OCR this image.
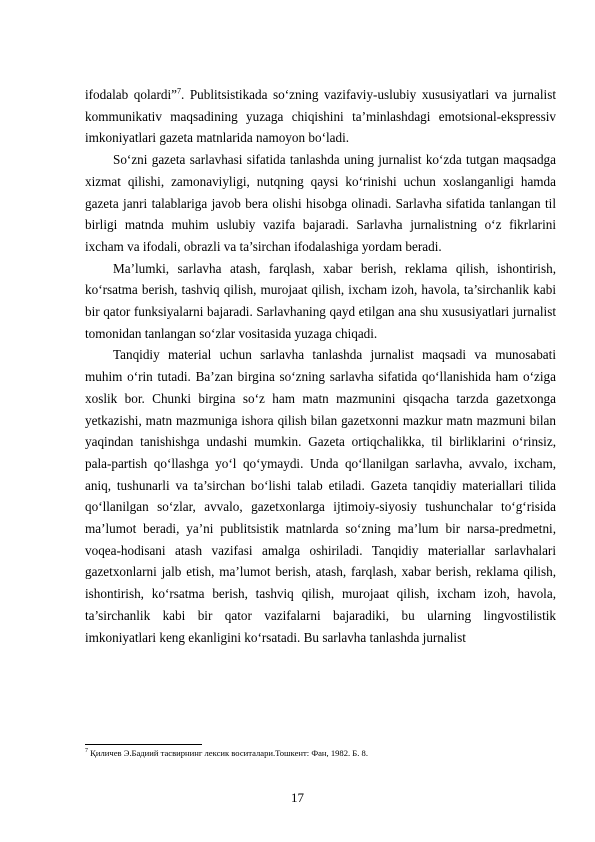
ifodalab qolardi”$^7$. Publitsistikada so‘zning vazifaviy-uslubiy xususiyatlari va jurnalist kommunikativ maqsadining yuzaga chiqishini ta’minlashdagi emotsional-ekspressiv imkoniyatlari gazeta matnlarida namoyon bo‘ladi.

So‘zni gazeta sarlavhasi sifatida tanlashda uning jurnalist ko‘zda tutgan maqsadga xizmat qilishi, zamonaviyligi, nutqning qaysi ko‘rinishi uchun xoslanganligi hamda gazeta janri talablariga javob bera olishi hisobga olinadi. Sarlavha sifatida tanlangan til birligi matnda muhim uslubiy vazifa bajaradi. Sarlavha jurnalistning o‘z fikrlarini ixcham va ifodali, obrazli va ta’sirchan ifodalashiga yordam beradi.

Ma’lumki, sarlavha atash, farqlash, xabar berish, reklama qilish, ishontirish, ko‘rsatma berish, tashviq qilish, murojaat qilish, ixcham izoh, havola, ta’sirchanlik kabi bir qator funksiyalarni bajaradi. Sarlavhaning qayd etilgan ana shu xususiyatlari jurnalist tomonidan tanlangan so‘zlar vositasida yuzaga chiqadi.

Tanqidiy material uchun sarlavha tanlashda jurnalist maqsadi va munosabati muhim o‘rin tutadi. Ba’zan birgina so‘zning sarlavha sifatida qo‘llanishida ham o‘ziga xoslik bor. Chunki birgina so‘z ham matn mazmunini qisqacha tarzda gazetxonga yetkazishi, matn mazmuniga ishora qilish bilan gazetxonni mazkur matn mazmuni bilan yaqindan tanishishga undashi mumkin. Gazeta ortiqchalikka, til birliklarini o‘rinsiz, pala-partish qo‘llashga yo‘l qo‘ymaydi. Unda qo‘llanilgan sarlavha, avvalo, ixcham, aniq, tushunarli va ta’sirchan bo‘lishi talab etiladi. Gazeta tanqidiy materiallari tilida qo‘llanilgan so‘zlar, avvalo, gazetxonlarga ijtimoiy-siyosiy tushunchalar to‘g‘risida ma’lumot beradi, ya’ni publitsistik matnlarda so‘zning ma’lum bir narsa-predmetni, voqea-hodisani atash vazifasi amalga oshiriladi. Tanqidiy materiallar sarlavhalari gazetxonlarni jalb etish, ma’lumot berish, atash, farqlash, xabar berish, reklama qilish, ishontirish, ko‘rsatma berish, tashviq qilish, murojaat qilish, ixcham izoh, havola, ta’sirchanlik kabi bir qator vazifalarni bajaradiki, bu ularning lingvostilistik imkoniyatlari keng ekanligini ko‘rsatadi. Bu sarlavha tanlashda jurnalist

$^7$ Қиличев Э.Бадиий тасвирнинг лексик воситалари.Тошкент: Фан, 1982. Б. 8.
17
